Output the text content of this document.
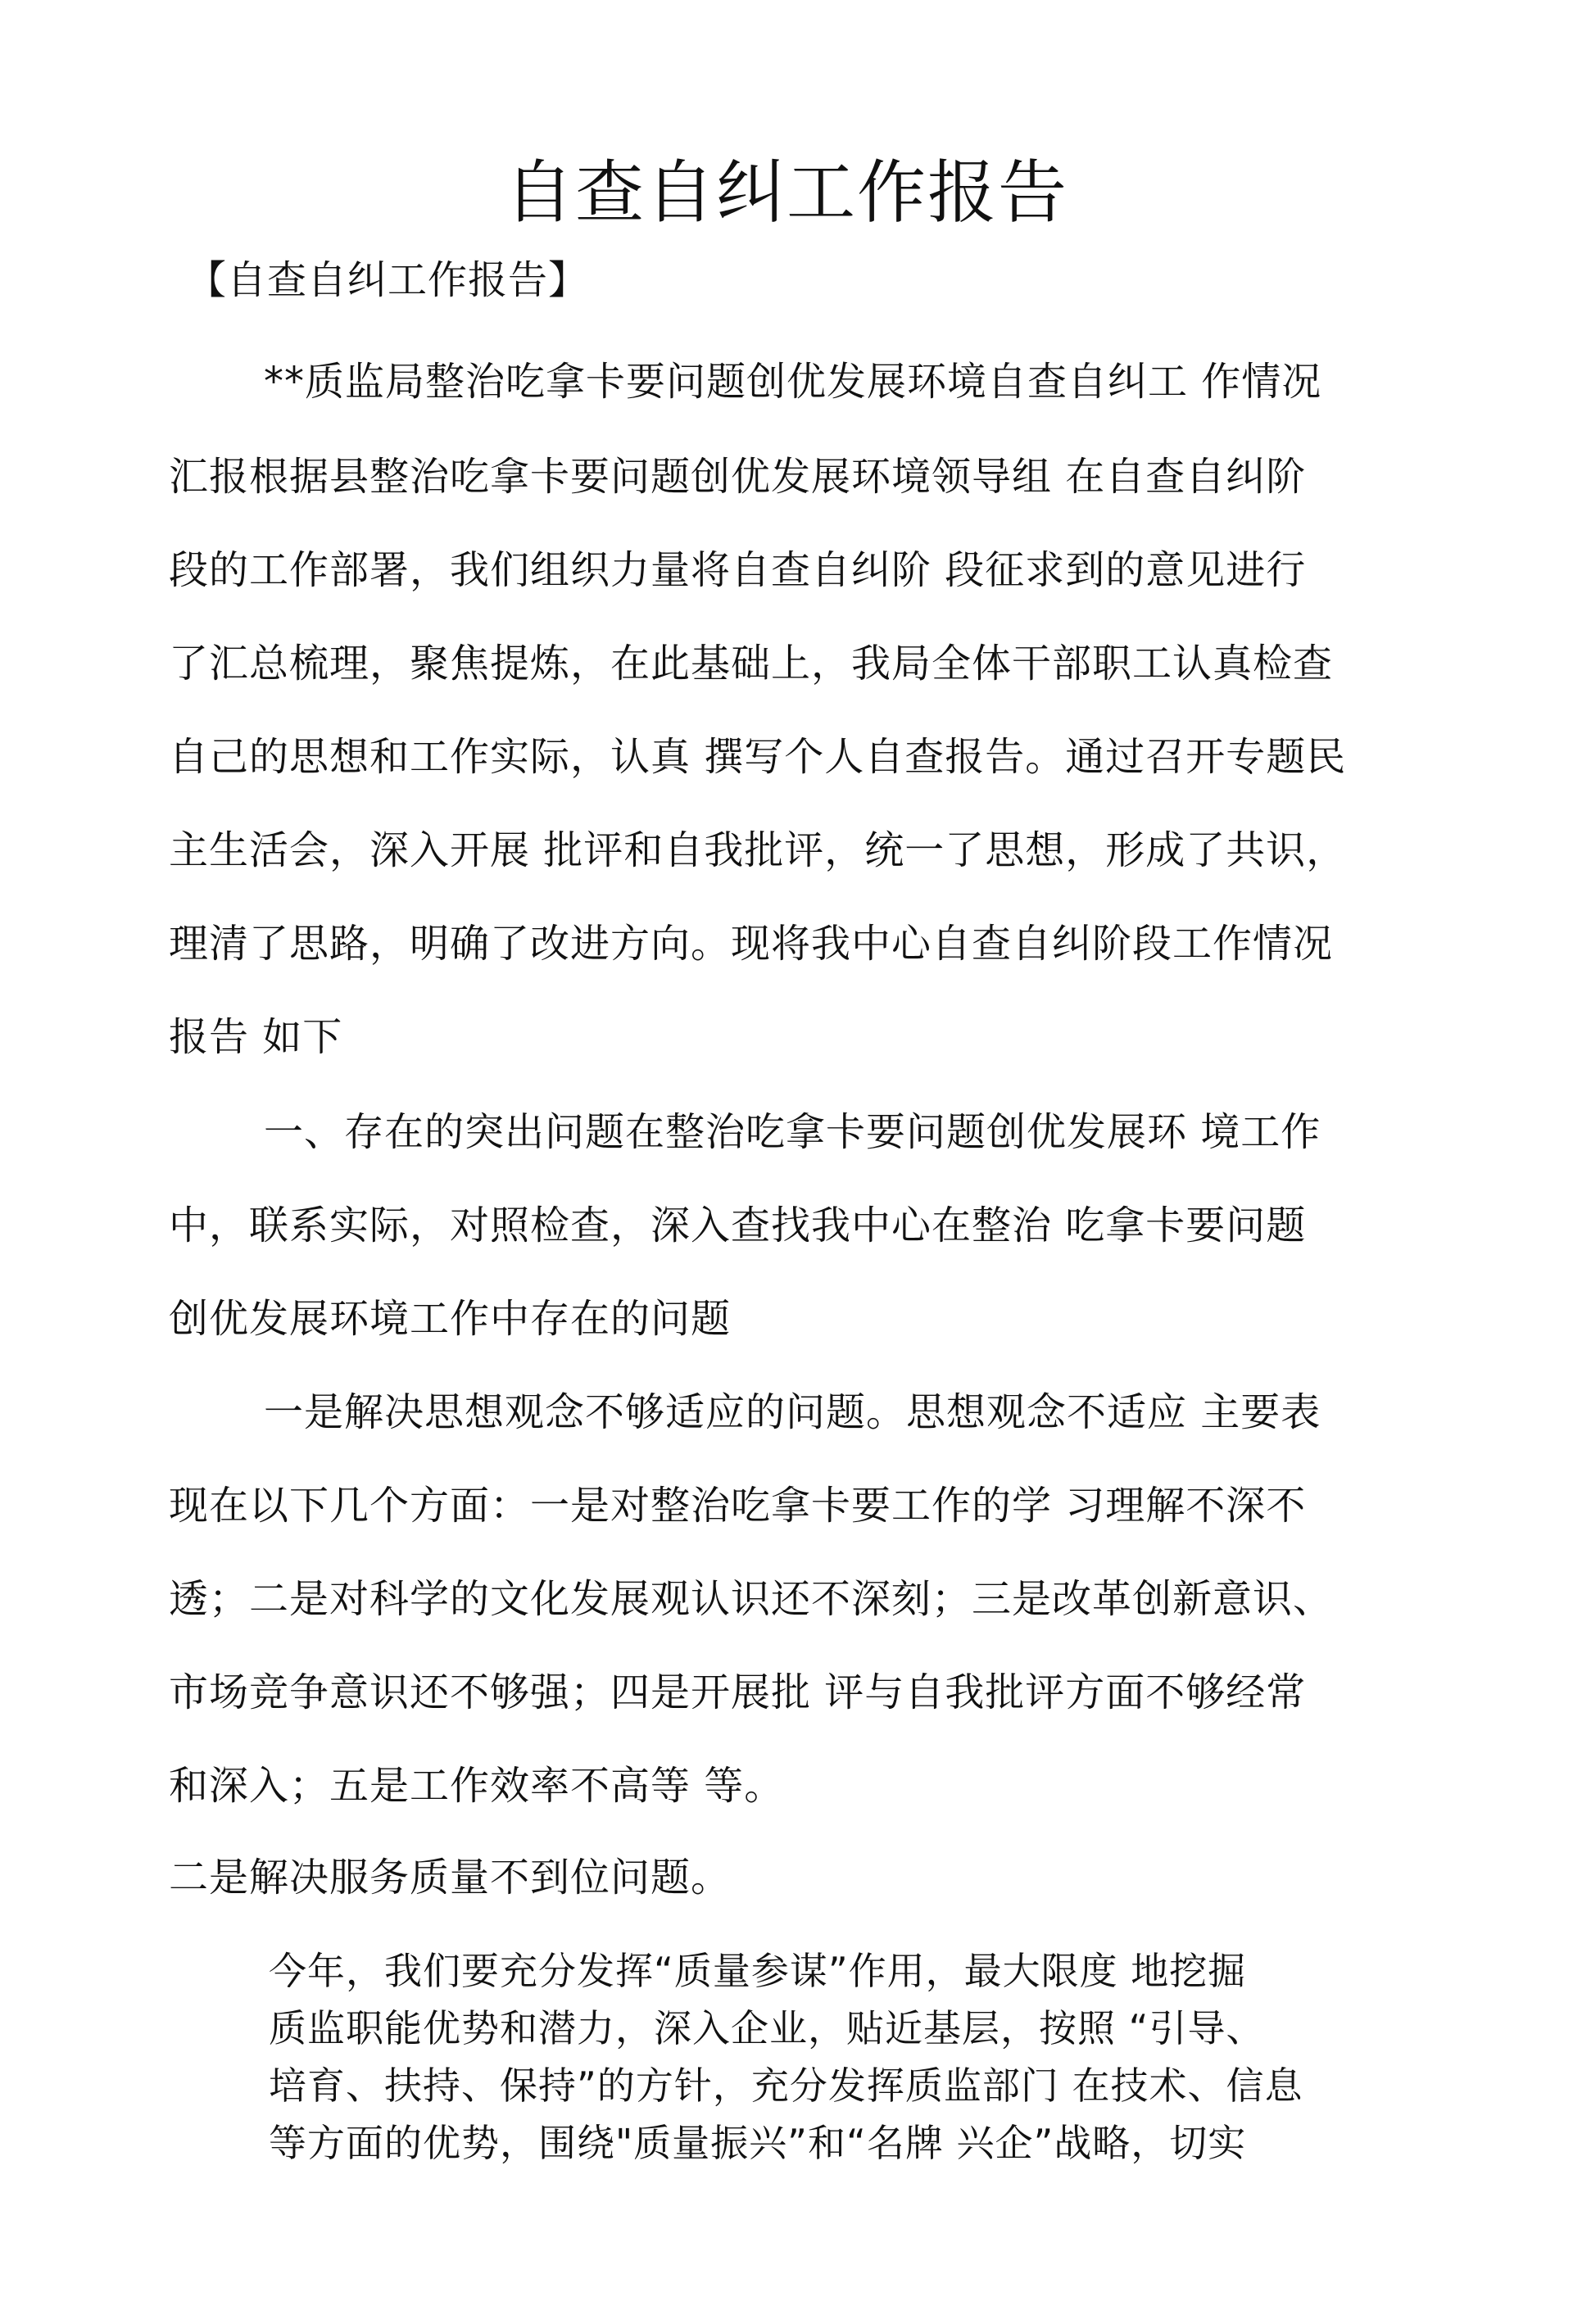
自查自纠工作报告
【自查自纠工作报告】
**质监局整治吃拿卡要问题创优发展环境自查自纠工 作情况
汇报根据县整治吃拿卡要问题创优发展环境领导组 在自查自纠阶
段的工作部署，我们组织力量将自查自纠阶 段征求到的意见进行
了汇总梳理，聚焦提炼，在此基础上，我局全体干部职工认真检查
自己的思想和工作实际，认真 撰写个人自查报告。通过召开专题民
主生活会，深入开展 批评和自我批评，统一了思想，形成了共识，
理清了思路，明确了改进方向。现将我中心自查自纠阶段工作情况
报告 如下
一、存在的突出问题在整治吃拿卡要问题创优发展环 境工作
中，联系实际，对照检查，深入查找我中心在整治 吃拿卡要问题
创优发展环境工作中存在的问题
一是解决思想观念不够适应的问题。思想观念不适应 主要表
现在以下几个方面：一是对整治吃拿卡要工作的学 习理解不深不
透；二是对科学的文化发展观认识还不深刻；三是改革创新意识、
市场竞争意识还不够强；四是开展批 评与自我批评方面不够经常
和深入；五是工作效率不高等 等。
二是解决服务质量不到位问题。
今年，我们要充分发挥“质量参谋”作用，最大限度 地挖掘
质监职能优势和潜力，深入企业，贴近基层，按照 “引导、
培育、扶持、保持”的方针，充分发挥质监部门 在技术、信息
等方面的优势，围绕"质量振兴”和“名牌 兴企”战略，切实
